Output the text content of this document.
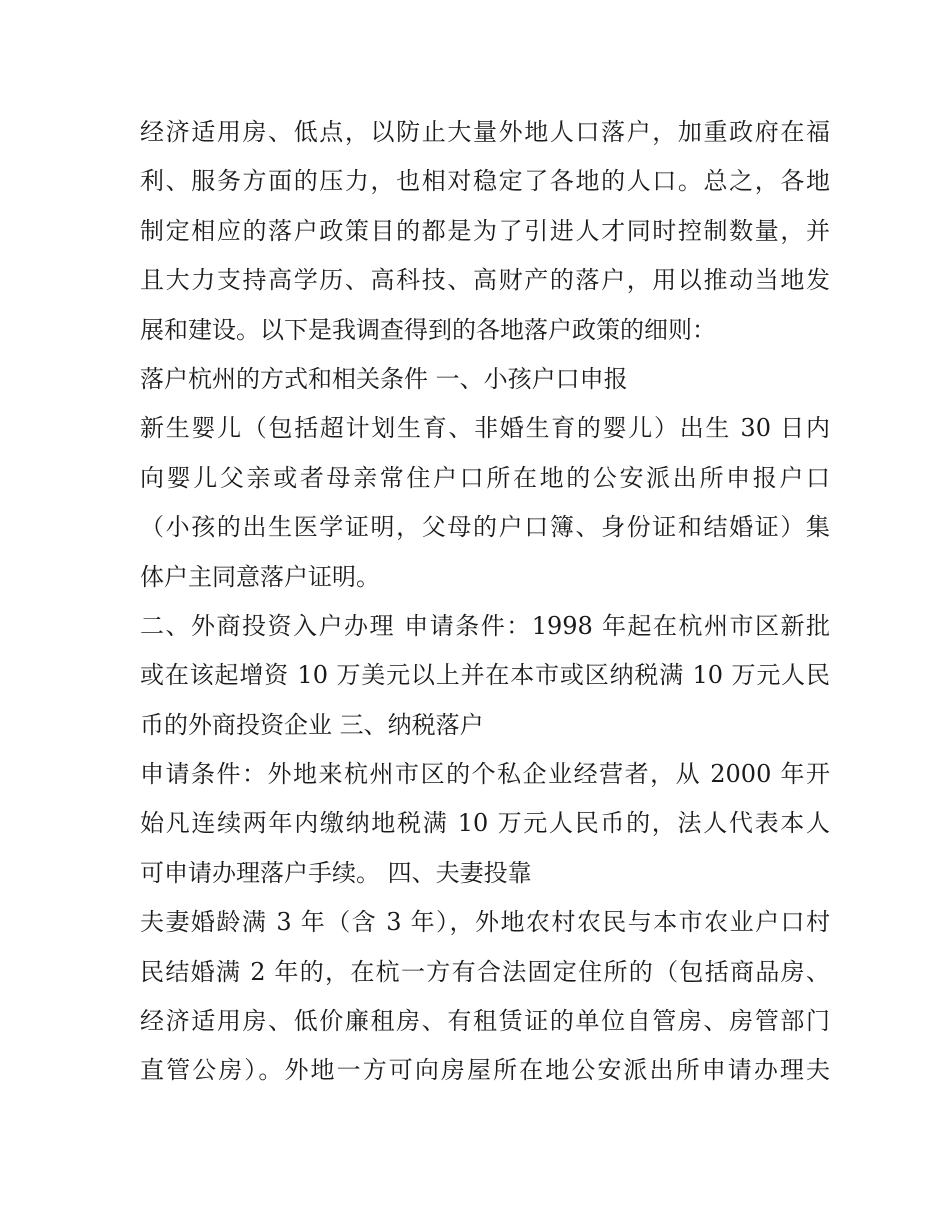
经济适用房、低点，以防止大量外地人口落户，加重政府在福
利、服务方面的压力，也相对稳定了各地的人口。总之，各地
制定相应的落户政策目的都是为了引进人才同时控制数量，并
且大力支持高学历、高科技、高财产的落户，用以推动当地发
展和建设。以下是我调查得到的各地落户政策的细则：
落户杭州的方式和相关条件 一、小孩户口申报
新生婴儿（包括超计划生育、非婚生育的婴儿）出生 30 日内
向婴儿父亲或者母亲常住户口所在地的公安派出所申报户口
（小孩的出生医学证明，父母的户口簿、身份证和结婚证）集
体户主同意落户证明。
二、外商投资入户办理 申请条件：1998 年起在杭州市区新批
或在该起增资 10 万美元以上并在本市或区纳税满 10 万元人民
币的外商投资企业 三、纳税落户
申请条件：外地来杭州市区的个私企业经营者，从 2000 年开
始凡连续两年内缴纳地税满 10 万元人民币的，法人代表本人
可申请办理落户手续。 四、夫妻投靠
夫妻婚龄满 3 年（含 3 年），外地农村农民与本市农业户口村
民结婚满 2 年的，在杭一方有合法固定住所的（包括商品房、
经济适用房、低价廉租房、有租赁证的单位自管房、房管部门
直管公房）。外地一方可向房屋所在地公安派出所申请办理夫
